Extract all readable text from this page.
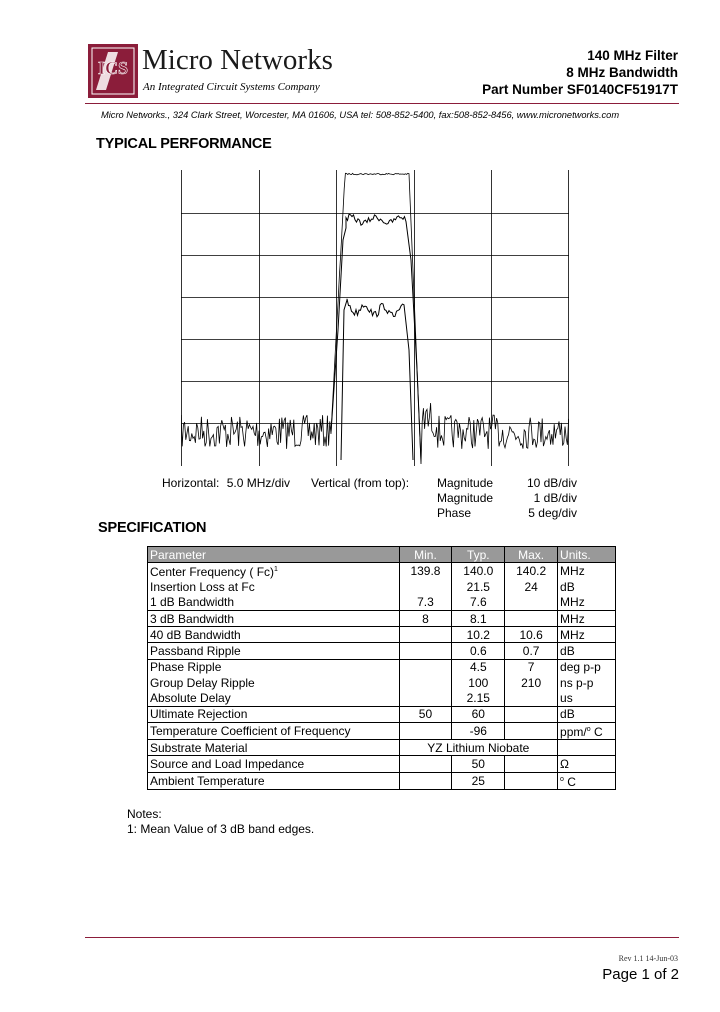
ICS Micro Networks
An Integrated Circuit Systems Company
140 MHz Filter
8 MHz Bandwidth
Part Number SF0140CF51917T
Micro Networks., 324 Clark Street, Worcester, MA 01606, USA tel: 508-852-5400, fax:508-852-8456, www.micronetworks.com
TYPICAL PERFORMANCE
Horizontal: 5.0 MHz/div Vertical (from top): Magnitude
Magnitude
Phase
10 dB/div
1 dB/div
5 deg/div
SPECIFICATION
Parameter	Min.	Typ.	Max.	Units.
Center Frequency ( Fc)$^1$	139.8	140.0	140.2	MHz
Insertion Loss at Fc		21.5	24	dB
1 dB Bandwidth	7.3	7.6		MHz
3 dB Bandwidth	8	8.1		MHz
40 dB Bandwidth		10.2	10.6	MHz
Passband Ripple		0.6	0.7	dB
Phase Ripple		4.5	7	deg p-p
Group Delay Ripple		100	210	ns p-p
Absolute Delay		2.15		us
Ultimate Rejection	50	60		dB
Temperature Coefficient of Frequency		-96		ppm/$^o$ C
Substrate Material	YZ Lithium Niobate			
Source and Load Impedance		50		Ω
Ambient Temperature		25		$^o$ C
Notes:
1: Mean Value of 3 dB band edges.
Rev 1.1 14-Jun-03
Page 1 of 2
